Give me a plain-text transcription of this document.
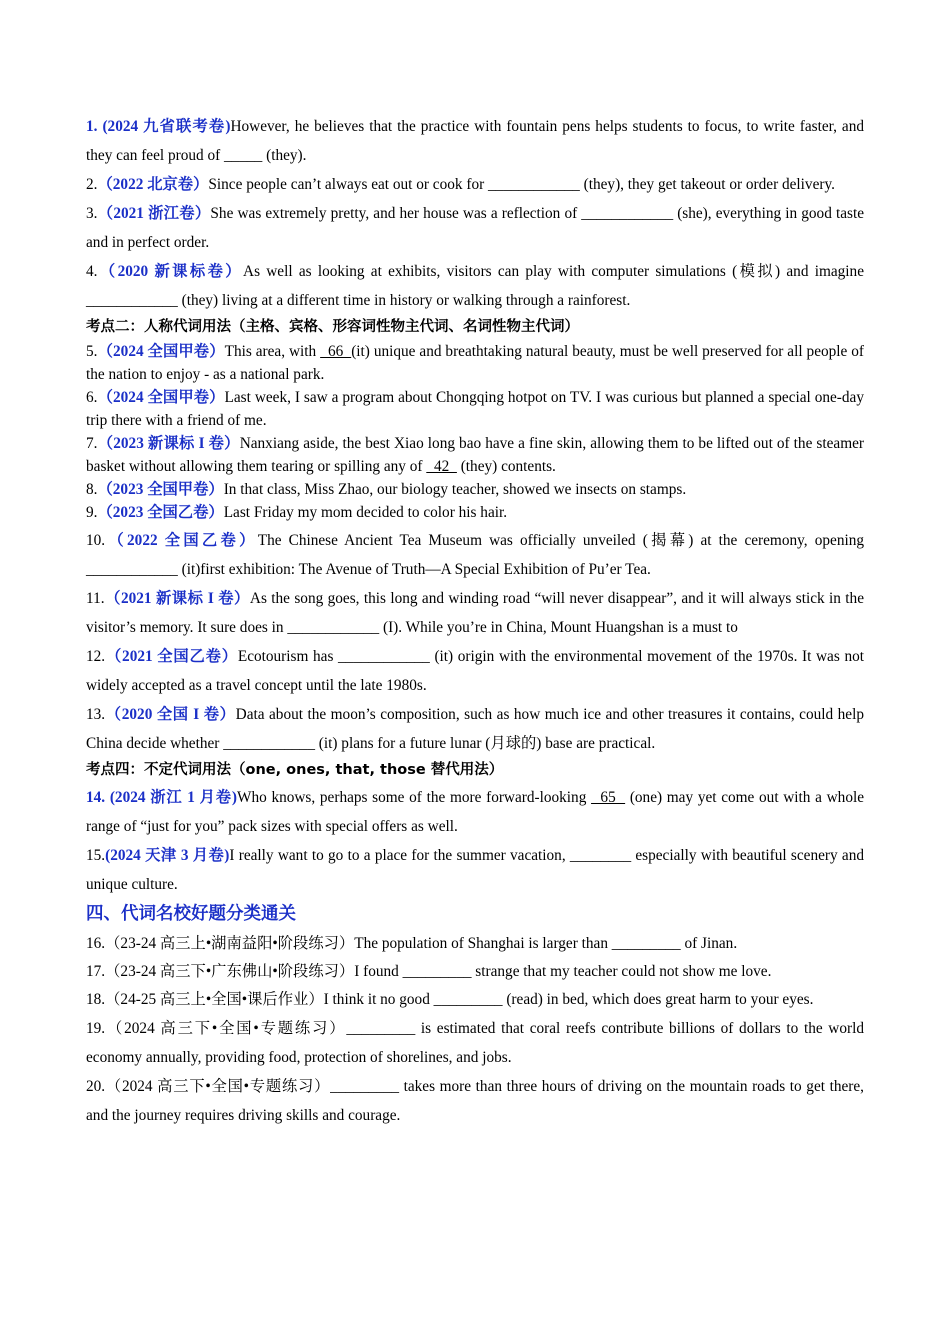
1. (2024 九省联考卷)However, he believes that the practice with fountain pens helps students to focus, to write faster, and they can feel proud of _____ (they).

2.（2022 北京卷）Since people can’t always eat out or cook for ____________ (they), they get takeout or order delivery.

3.（2021 浙江卷）She was extremely pretty, and her house was a reflection of ____________ (she), everything in good taste and in perfect order.

4.（2020 新课标卷）As well as looking at exhibits, visitors can play with computer simulations (模拟) and imagine ____________ (they) living at a different time in history or walking through a rainforest.

考点二：人称代词用法（主格、宾格、形容词性物主代词、名词性物主代词）

5.（2024 全国甲卷）This area, with   66  (it) unique and breathtaking natural beauty, must be well preserved for all people of the nation to enjoy - as a national park.

6.（2024 全国甲卷）Last week, I saw a program about Chongqing hotpot on TV. I was curious but planned a special one-day trip there with a friend of me.

7.（2023 新课标 I 卷）Nanxiang aside, the best Xiao long bao have a fine skin, allowing them to be lifted out of the steamer basket without allowing them tearing or spilling any of   42   (they) contents.

8.（2023 全国甲卷）In that class, Miss Zhao, our biology teacher, showed we insects on stamps.

9.（2023 全国乙卷）Last Friday my mom decided to color his hair.

10.（2022 全国乙卷）The Chinese Ancient Tea Museum was officially unveiled (揭幕) at the ceremony, opening ____________ (it)first exhibition: The Avenue of Truth—A Special Exhibition of Pu’er Tea.

11.（2021 新课标 I 卷）As the song goes, this long and winding road “will never disappear”, and it will always stick in the visitor’s memory. It sure does in ____________ (I). While you’re in China, Mount Huangshan is a must to

12.（2021 全国乙卷）Ecotourism has ____________ (it) origin with the environmental movement of the 1970s. It was not widely accepted as a travel concept until the late 1980s.

13.（2020 全国 I 卷）Data about the moon’s composition, such as how much ice and other treasures it contains, could help China decide whether ____________ (it) plans for a future lunar (月球的) base are practical.

考点四：不定代词用法（one, ones, that, those 替代用法）

14. (2024 浙江 1 月卷)Who knows, perhaps some of the more forward-looking   65   (one) may yet come out with a whole range of “just for you” pack sizes with special offers as well.

15.(2024 天津 3 月卷)I really want to go to a place for the summer vacation, ________ especially with beautiful scenery and unique culture.

四、代词名校好题分类通关

16.（23-24 高三上•湖南益阳•阶段练习）The population of Shanghai is larger than _________ of Jinan.

17.（23-24 高三下•广东佛山•阶段练习）I found _________ strange that my teacher could not show me love.

18.（24-25 高三上•全国•课后作业）I think it no good _________ (read) in bed, which does great harm to your eyes.

19.（2024 高三下•全国•专题练习）_________ is estimated that coral reefs contribute billions of dollars to the world economy annually, providing food, protection of shorelines, and jobs.

20.（2024 高三下•全国•专题练习）_________ takes more than three hours of driving on the mountain roads to get there, and the journey requires driving skills and courage.
